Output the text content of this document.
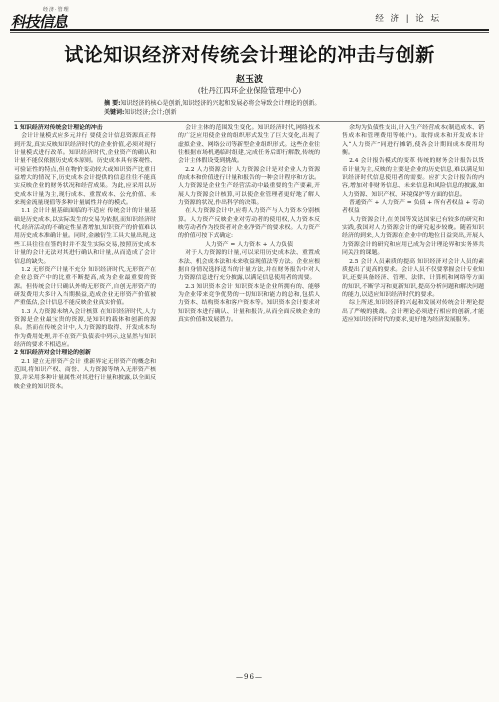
经济·管理
科技信息	经 济 | 论 坛
试论知识经济对传统会计理论的冲击与创新
赵玉波
(牡丹江四环企业保险管理中心)
摘 要:知识经济的核心是创新,知识经济的兴起和发展必将会导致会计理论的创新。
关键词:知识经济;会计;创新

1 知识经济对传统会计理论的冲击

会计计量模式应多元并行 要使会计信息资源真正得到开发,真实反映知识经济时代的企业价值,必须对现行计量模式进行改革。知识经济时代,企业资产的确认和计量不能仅依据历史成本原则。历史成本具有客观性、可验证性的特点,但在物价变动较大或知识资产比重日益增大的情况下,历史成本会计提供的信息往往不能真实反映企业的财务状况和经营成果。为此,应采用以历史成本计量为主,现行成本、重置成本、公允价值、未来现金流量现值等多种计量属性并存的模式。

1.1 会计计量基础面临的不适应 传统会计的计量基础是历史成本,以实际发生的交易为依据,而知识经济时代,经济活动的不确定性显著增加,知识资产的价值难以用历史成本准确计量。同时,金融衍生工具大量出现,这些工具往往在签约时并不发生实际交易,按照历史成本计量的会计无法对其进行确认和计量,从而造成了会计信息的缺失。

1.2 无形资产计量不充分 知识经济时代,无形资产在企业总资产中的比重不断提高,成为企业最重要的资源。但传统会计只确认外购无形资产,自创无形资产的研发费用大多计入当期损益,造成企业无形资产价值被严重低估,会计信息不能反映企业真实价值。

1.3 人力资源未纳入会计核算 在知识经济时代,人力资源是企业最宝贵的资源,是知识的载体和创新的源泉。然而在传统会计中,人力资源的取得、开发成本均作为费用处理,并不在资产负债表中列示,这显然与知识经济的要求不相适应。

2 知识经济对会计理论的创新

2.1 建立无形资产会计 重新界定无形资产的概念和范围,将知识产权、商誉、人力资源等纳入无形资产核算,并采用多种计量属性对其进行计量和披露,以全面反映企业的知识资本。

会计主体的范围发生变化。知识经济时代,网络技术的广泛应用使企业的组织形式发生了巨大变化,出现了虚拟企业、网络公司等新型企业组织形式。这些企业往往根据市场机遇临时组建,完成任务后即行解散,传统的会计主体假设受到挑战。

2.2 人力资源会计 人力资源会计是对企业人力资源的成本和价值进行计量和报告的一种会计程序和方法。人力资源是企业生产经营活动中最重要的生产要素,开展人力资源会计核算,可以使企业管理者更好地了解人力资源的状况,作出科学的决策。

在人力资源会计中,应将人力资产与人力资本分别核算。人力资产反映企业对劳动者的使用权,人力资本反映劳动者作为投资者对企业净资产的要求权。人力资产的价值可按下式确定:

人力资产 = 人力资本 + 人力负债

对于人力资源的计量,可以采用历史成本法、重置成本法、机会成本法和未来收益现值法等方法。企业应根据自身情况选择适当的计量方法,并在财务报告中对人力资源信息进行充分披露,以满足信息使用者的需要。

2.3 知识资本会计 知识资本是企业所拥有的、能够为企业带来竞争优势的一切知识和能力的总和,包括人力资本、结构资本和客户资本等。知识资本会计要求对知识资本进行确认、计量和报告,从而全面反映企业的真实价值和发展潜力。

余均为负债性支出,计入生产经营成本(制造成本、销售成本和管理费用等帐户)。取得成本和开发成本计入“人力资产”同进行摊销,使各会计期间成本费用均衡。

2.4 会计报告模式的变革 传统的财务会计报告以货币计量为主,反映的主要是企业的历史信息,难以满足知识经济时代信息使用者的需要。应扩大会计报告的内容,增加对非财务信息、未来信息和风险信息的披露,如人力资源、知识产权、环境保护等方面的信息。

普通资产 + 人力资产 = 负债 + 所有者权益 + 劳动者权益

人力资源会计,在美国等发达国家已有较多的研究和实践,我国对人力资源会计的研究起步较晚。随着知识经济的到来,人力资源在企业中的地位日益突出,开展人力资源会计的研究和应用已成为会计理论界和实务界共同关注的课题。

2.5 会计人员素质的提高 知识经济对会计人员的素质提出了更高的要求。会计人员不仅要掌握会计专业知识,还要具备经济、管理、法律、计算机和网络等方面的知识,不断学习和更新知识,提高分析问题和解决问题的能力,以适应知识经济时代的要求。

综上所述,知识经济的兴起和发展对传统会计理论提出了严峻的挑战。会计理论必须进行相应的创新,才能适应知识经济时代的要求,更好地为经济发展服务。

—96—
